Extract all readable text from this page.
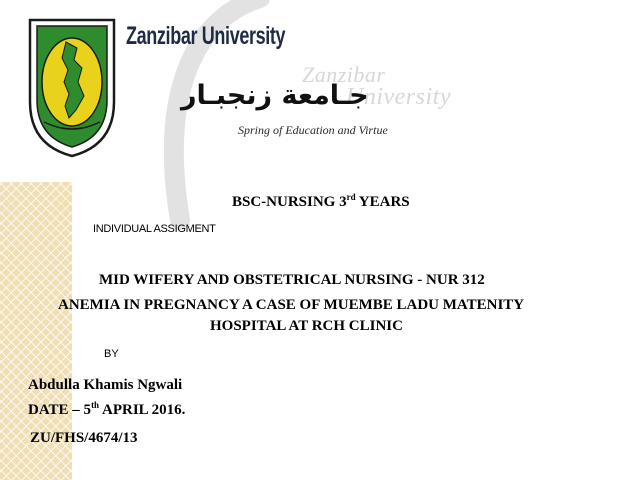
Zanzibar
University
Zanzibar University
جـامعة زنجبـار
Spring of Education and Virtue
BSC-NURSING 3rd YEARS
INDIVIDUAL ASSIGMENT
MID WIFERY AND OBSTETRICAL NURSING - NUR 312
ANEMIA IN PREGNANCY A CASE OF MUEMBE LADU MATENITY
HOSPITAL AT RCH CLINIC
BY
Abdulla Khamis Ngwali
DATE – 5th APRIL 2016.
ZU/FHS/4674/13
